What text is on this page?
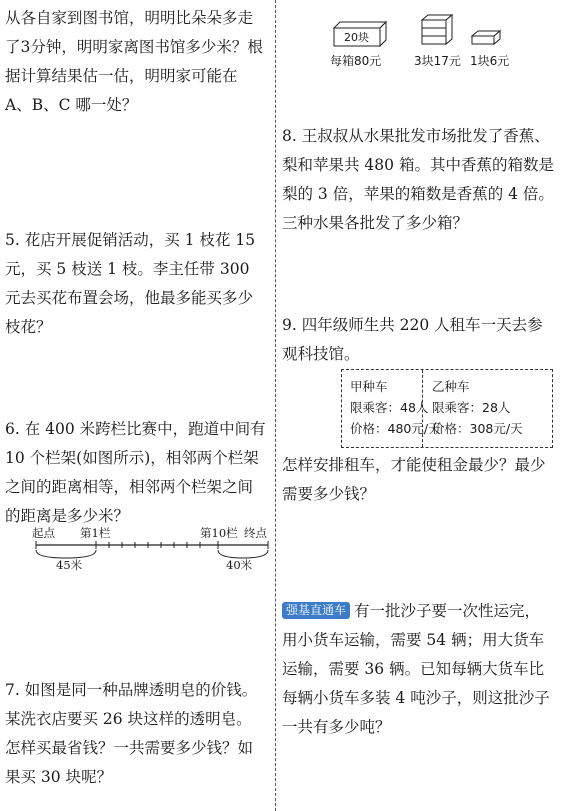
从各自家到图书馆，明明比朵朵多走了3分钟，明明家离图书馆多少米？根据计算结果估一估，明明家可能在 A、B、C 哪一处？

5. 花店开展促销活动，买 1 枝花 15 元，买 5 枝送 1 枝。李主任带 300 元去买花布置会场，他最多能买多少枝花？

6. 在 400 米跨栏比赛中，跑道中间有 10 个栏架(如图所示)，相邻两个栏架之间的距离相等，相邻两个栏架之间的距离是多少米？

起点 第1栏	第10栏 终点
45米	40米

7. 如图是同一种品牌透明皂的价钱。某洗衣店要买 26 块这样的透明皂。怎样买最省钱？一共需要多少钱？如果买 30 块呢？

20块
每箱80元	3块17元 1块6元

8. 王叔叔从水果批发市场批发了香蕉、梨和苹果共 480 箱。其中香蕉的箱数是梨的 3 倍，苹果的箱数是香蕉的 4 倍。三种水果各批发了多少箱？

9. 四年级师生共 220 人租车一天去参观科技馆。

甲种车
限乘客：48人
价格：480元/天
乙种车
限乘客：28人
价格：308元/天

怎样安排租车，才能使租金最少？最少需要多少钱？

强基直通车 有一批沙子要一次性运完，用小货车运输，需要 54 辆；用大货车运输，需要 36 辆。已知每辆大货车比每辆小货车多装 4 吨沙子，则这批沙子一共有多少吨？
